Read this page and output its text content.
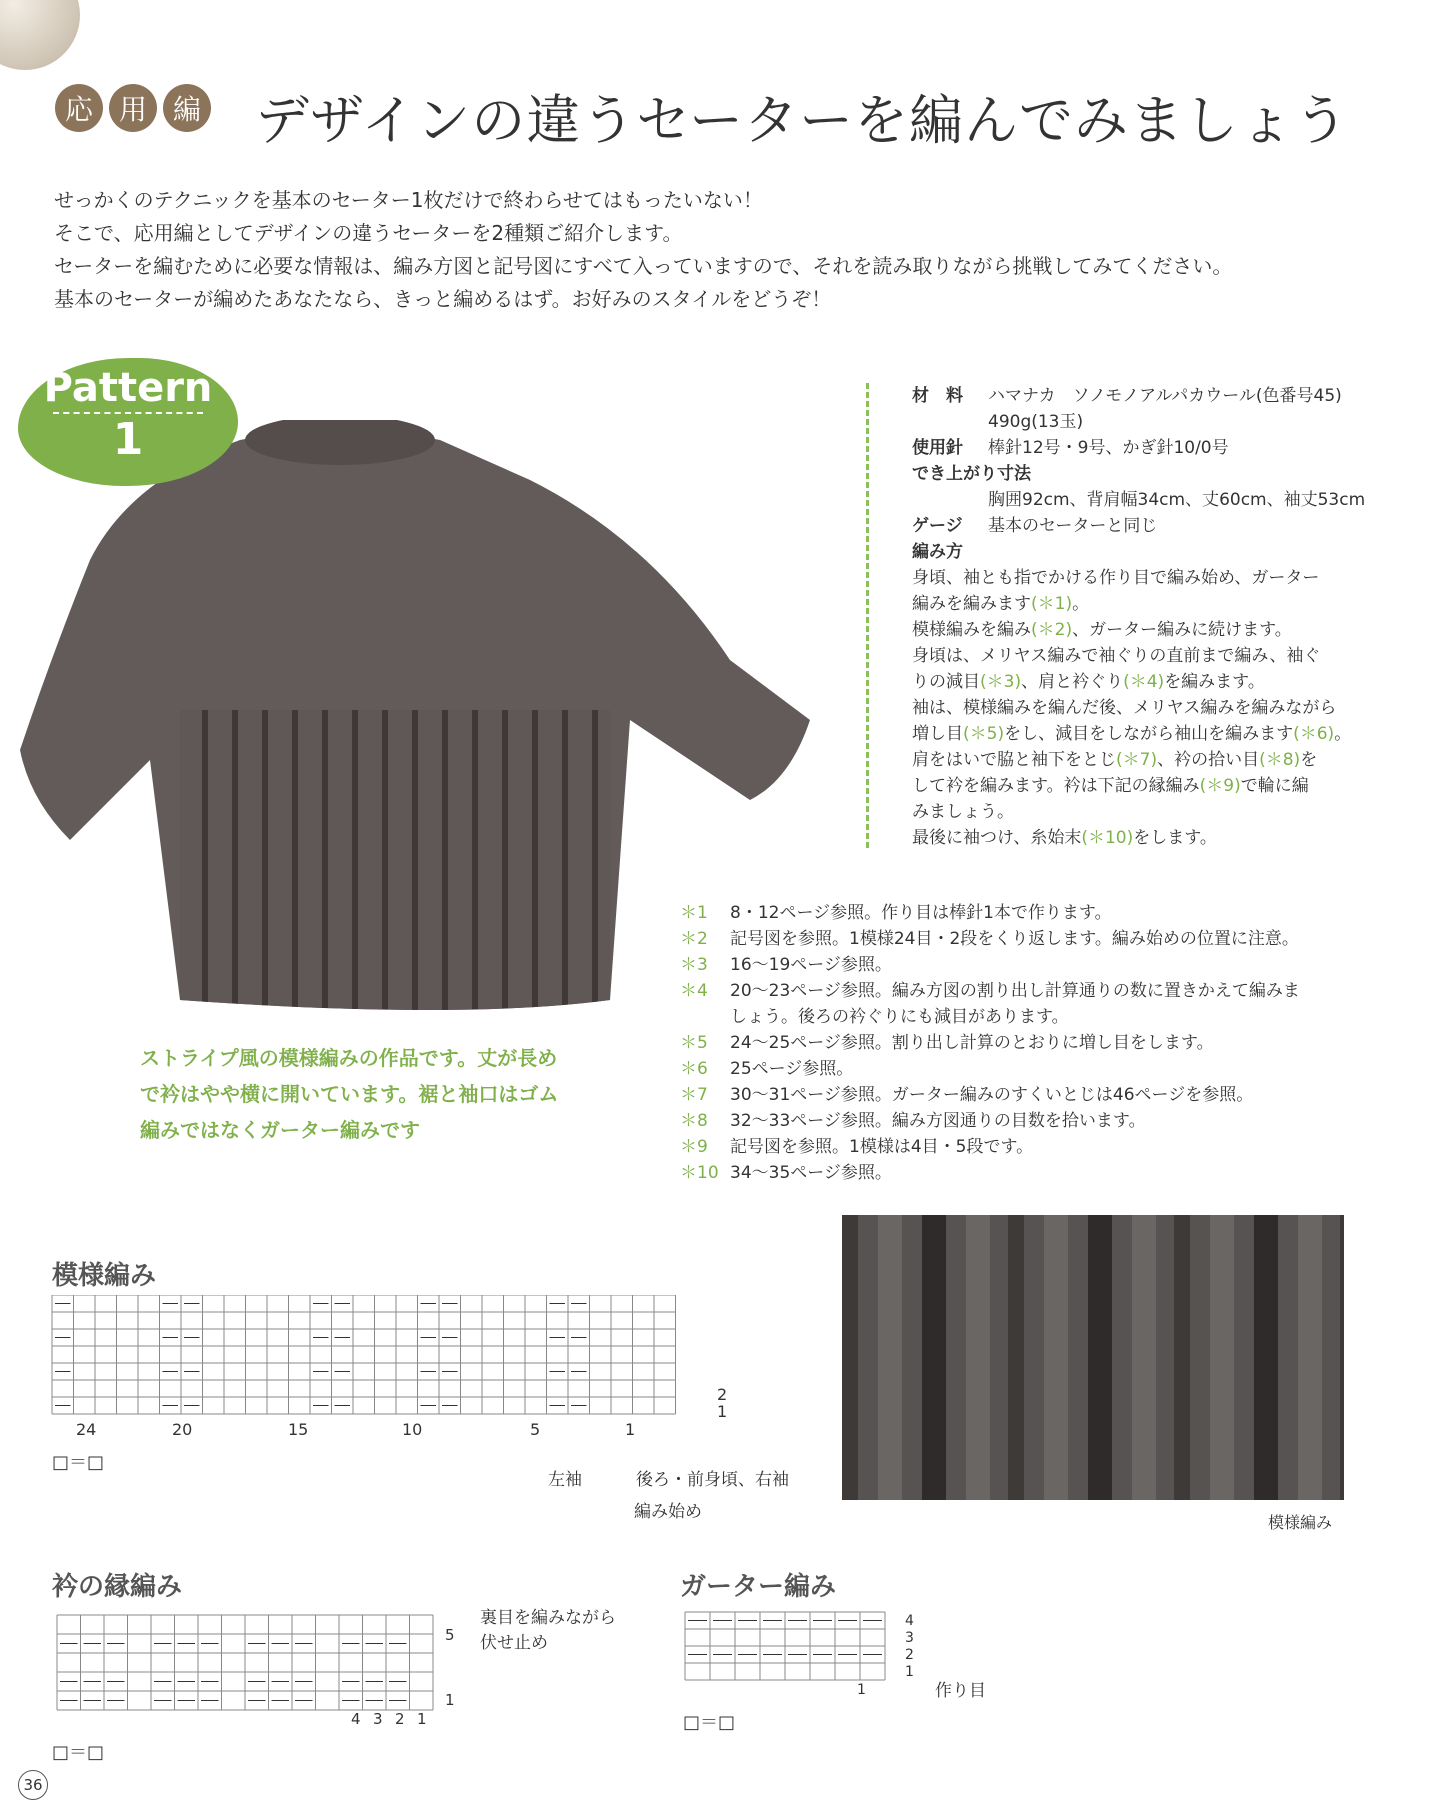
応 用 編 デザインの違うセーターを編んでみましょう
せっかくのテクニックを基本のセーター1枚だけで終わらせてはもったいない！
そこで、応用編としてデザインの違うセーターを2種類ご紹介します。
セーターを編むために必要な情報は、編み方図と記号図にすべて入っていますので、それを読み取りながら挑戦してみてください。
基本のセーターが編めたあなたなら、きっと編めるはず。お好みのスタイルをどうぞ！
Pattern
1
材　料	ハマナカ　ソノモノアルパカウール(色番号45)
490g(13玉)
使用針	棒針12号・9号、かぎ針10/0号
でき上がり寸法
胸囲92cm、背肩幅34cm、丈60cm、袖丈53cm
ゲージ	基本のセーターと同じ
編み方
身頃、袖とも指でかける作り目で編み始め、ガーター
編みを編みます(＊1)。
模様編みを編み(＊2)、ガーター編みに続けます。
身頃は、メリヤス編みで袖ぐりの直前まで編み、袖ぐ
りの減目(＊3)、肩と衿ぐり(＊4)を編みます。
袖は、模様編みを編んだ後、メリヤス編みを編みながら
増し目(＊5)をし、減目をしながら袖山を編みます(＊6)。
肩をはいで脇と袖下をとじ(＊7)、衿の拾い目(＊8)を
して衿を編みます。衿は下記の縁編み(＊9)で輪に編
みましょう。
最後に袖つけ、糸始末(＊10)をします。
＊1	8・12ページ参照。作り目は棒針1本で作ります。
＊2	記号図を参照。1模様24目・2段をくり返します。編み始めの位置に注意。
＊3	16〜19ページ参照。
＊4	20〜23ページ参照。編み方図の割り出し計算通りの数に置きかえて編みま
しょう。後ろの衿ぐりにも減目があります。
＊5	24〜25ページ参照。割り出し計算のとおりに増し目をします。
＊6	25ページ参照。
＊7	30〜31ページ参照。ガーター編みのすくいとじは46ページを参照。
＊8	32〜33ページ参照。編み方図通りの目数を拾います。
＊9	記号図を参照。1模様は4目・5段です。
＊10 34〜35ページ参照。
ストライプ風の模様編みの作品です。丈が長め
で衿はやや横に開いています。裾と袖口はゴム
編みではなくガーター編みです
模様編み
2
1
24	20	15	10	5	1
□＝□
左袖	後ろ・前身頃、右袖
編み始め
模様編み
衿の縁編み
5
1
4 3 2 1
裏目を編みながら
伏せ止め
□＝□
ガーター編み
4
3
2
1
1	作り目
□＝□
36
